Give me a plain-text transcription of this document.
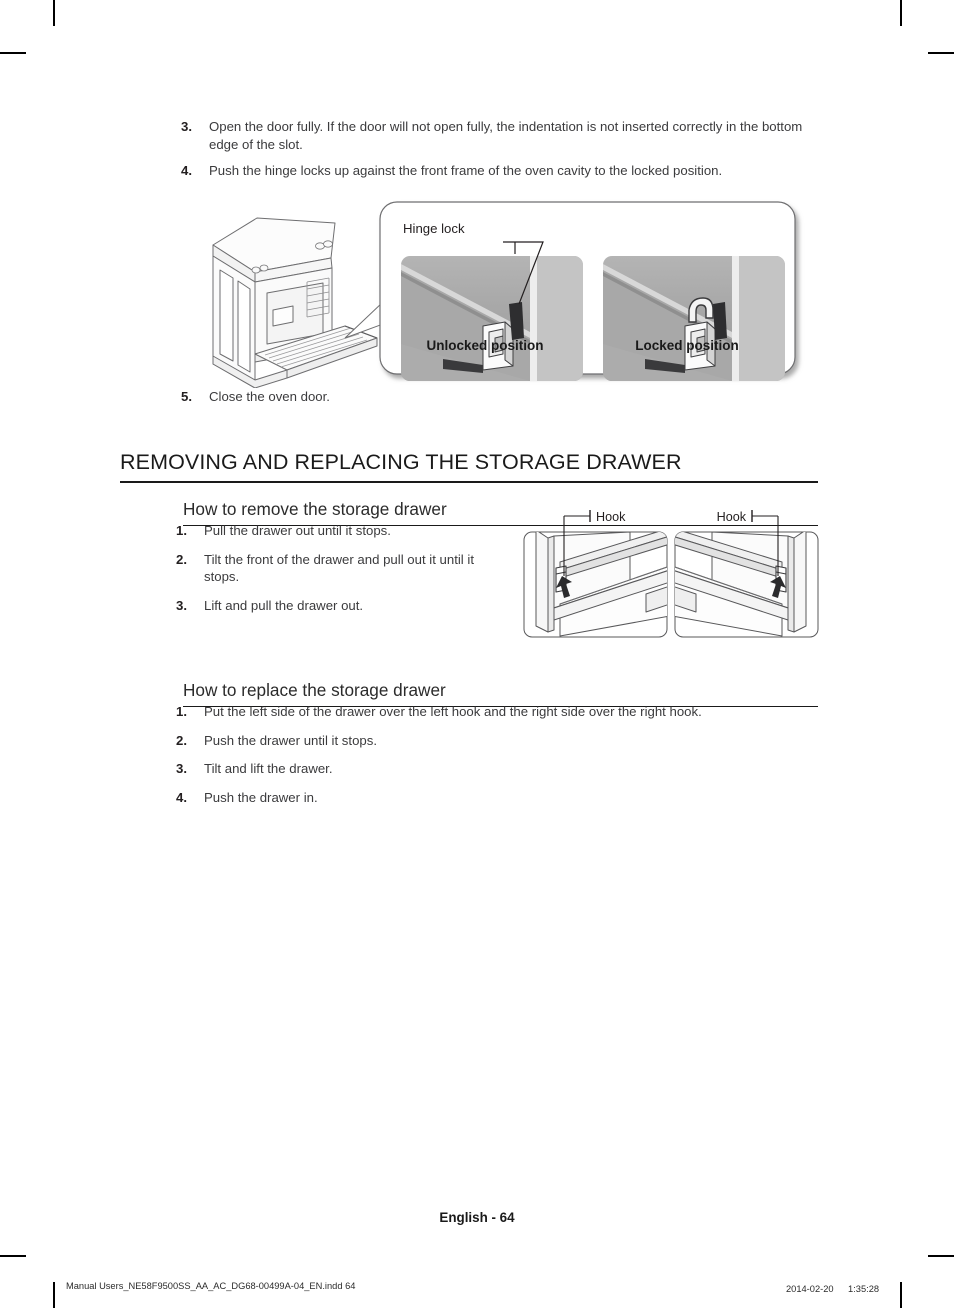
3. Open the door fully. If the door will not open fully, the indentation is not inserted correctly in the bottom edge of the slot.
4. Push the hinge locks up against the front frame of the oven cavity to the locked position.
Unlocked position	Locked position
Hinge lock
5. Close the oven door.
REMOVING AND REPLACING THE STORAGE DRAWER
How to remove the storage drawer
1. Pull the drawer out until it stops.
2. Tilt the front of the drawer and pull out it until it stops.
3. Lift and pull the drawer out.
Hook	Hook
How to replace the storage drawer
1. Put the left side of the drawer over the left hook and the right side over the right hook.
2. Push the drawer until it stops.
3. Tilt and lift the drawer.
4. Push the drawer in.
English - 64
Manual Users_NE58F9500SS_AA_AC_DG68-00499A-04_EN.indd 64	2014-02-20 　 1:35:28
